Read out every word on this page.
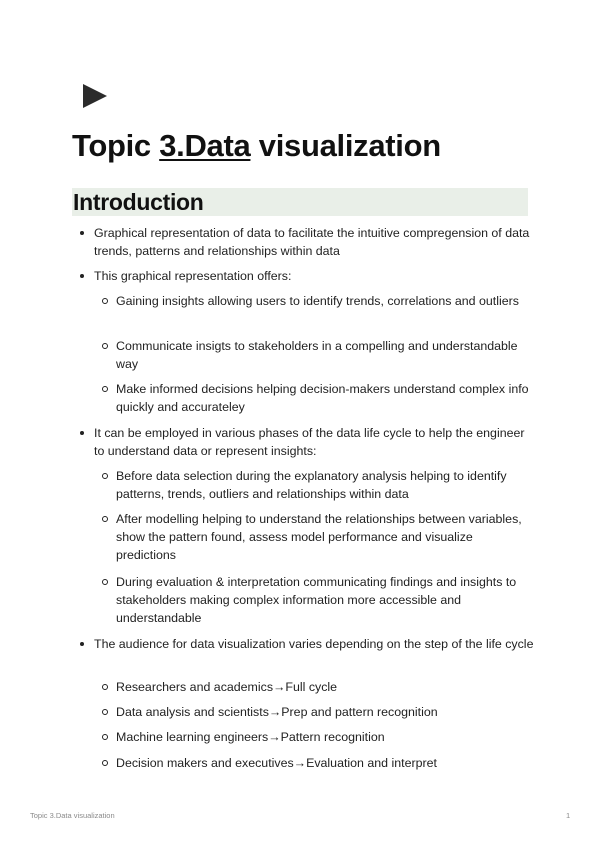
Topic 3.Data visualization
Introduction
Graphical representation of data to facilitate the intuitive compregension of data trends, patterns and relationships within data
This graphical representation offers:
Gaining insights allowing users to identify trends, correlations and outliers
Communicate insigts to stakeholders in a compelling and understandable way
Make informed decisions helping decision-makers understand complex info quickly and accurateley
It can be employed in various phases of the data life cycle to help the engineer to understand data or represent insights:
Before data selection during the explanatory analysis helping to identify patterns, trends, outliers and relationships within data
After modelling helping to understand the relationships between variables, show the pattern found, assess model performance and visualize predictions
During evaluation & interpretation communicating findings and insights to stakeholders making complex information more accessible and understandable
The audience for data visualization varies depending on the step of the life cycle
Researchers and academics→Full cycle
Data analysis and scientists→Prep and pattern recognition
Machine learning engineers→Pattern recognition
Decision makers and executives→Evaluation and interpret
Topic 3.Data visualization	1
